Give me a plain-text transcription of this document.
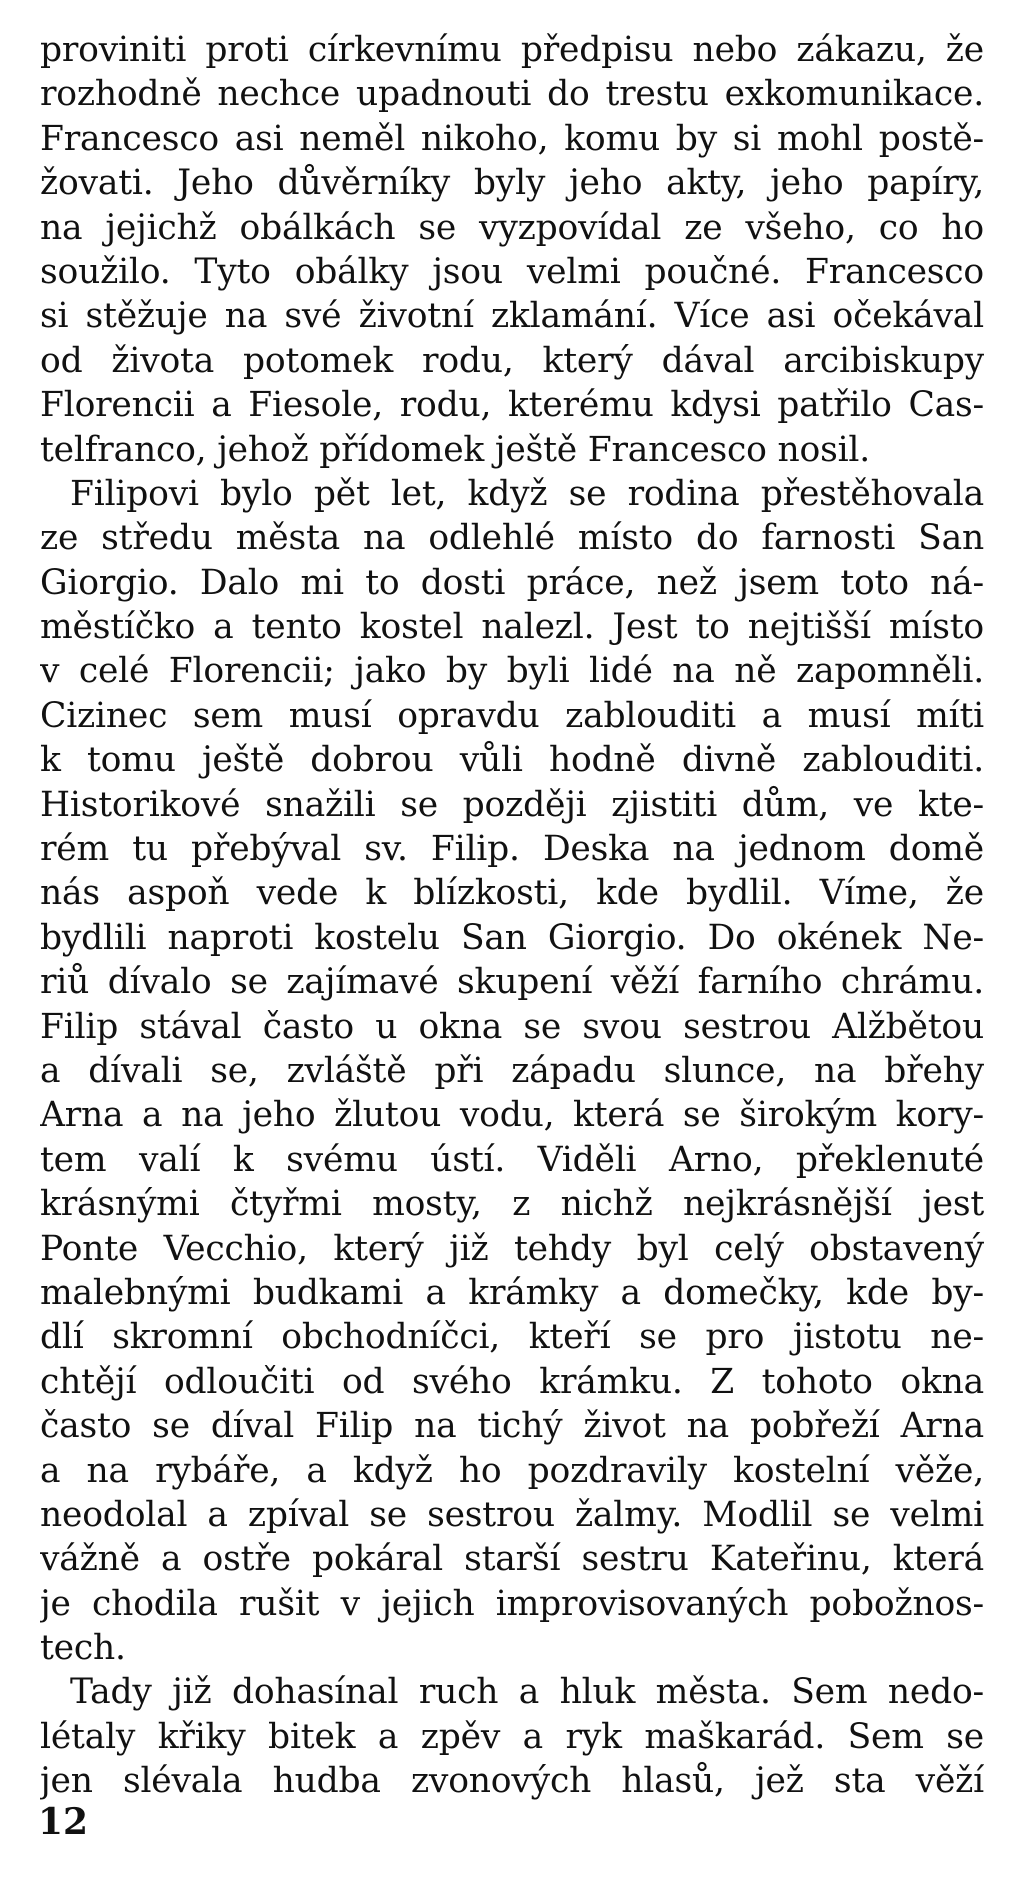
proviniti proti církevnímu předpisu nebo zákazu, že
rozhodně nechce upadnouti do trestu exkomunikace.
Francesco asi neměl nikoho, komu by si mohl postě-
žovati. Jeho důvěrníky byly jeho akty, jeho papíry,
na jejichž obálkách se vyzpovídal ze všeho, co ho
soužilo. Tyto obálky jsou velmi poučné. Francesco
si stěžuje na své životní zklamání. Více asi očekával
od života potomek rodu, který dával arcibiskupy
Florencii a Fiesole, rodu, kterému kdysi patřilo Cas-
telfranco, jehož přídomek ještě Francesco nosil.
Filipovi bylo pět let, když se rodina přestěhovala
ze středu města na odlehlé místo do farnosti San
Giorgio. Dalo mi to dosti práce, než jsem toto ná-
městíčko a tento kostel nalezl. Jest to nejtišší místo
v celé Florencii; jako by byli lidé na ně zapomněli.
Cizinec sem musí opravdu zablouditi a musí míti
k tomu ještě dobrou vůli hodně divně zablouditi.
Historikové snažili se později zjistiti dům, ve kte-
rém tu přebýval sv. Filip. Deska na jednom domě
nás aspoň vede k blízkosti, kde bydlil. Víme, že
bydlili naproti kostelu San Giorgio. Do okének Ne-
riů dívalo se zajímavé skupení věží farního chrámu.
Filip stával často u okna se svou sestrou Alžbětou
a dívali se, zvláště při západu slunce, na břehy
Arna a na jeho žlutou vodu, která se širokým kory-
tem valí k svému ústí. Viděli Arno, překlenuté
krásnými čtyřmi mosty, z nichž nejkrásnější jest
Ponte Vecchio, který již tehdy byl celý obstavený
malebnými budkami a krámky a domečky, kde by-
dlí skromní obchodníčci, kteří se pro jistotu ne-
chtějí odloučiti od svého krámku. Z tohoto okna
často se díval Filip na tichý život na pobřeží Arna
a na rybáře, a když ho pozdravily kostelní věže,
neodolal a zpíval se sestrou žalmy. Modlil se velmi
vážně a ostře pokáral starší sestru Kateřinu, která
je chodila rušit v jejich improvisovaných pobožnos-
tech.
Tady již dohasínal ruch a hluk města. Sem nedo-
létaly křiky bitek a zpěv a ryk maškarád. Sem se
jen slévala hudba zvonových hlasů, jež sta věží
12
